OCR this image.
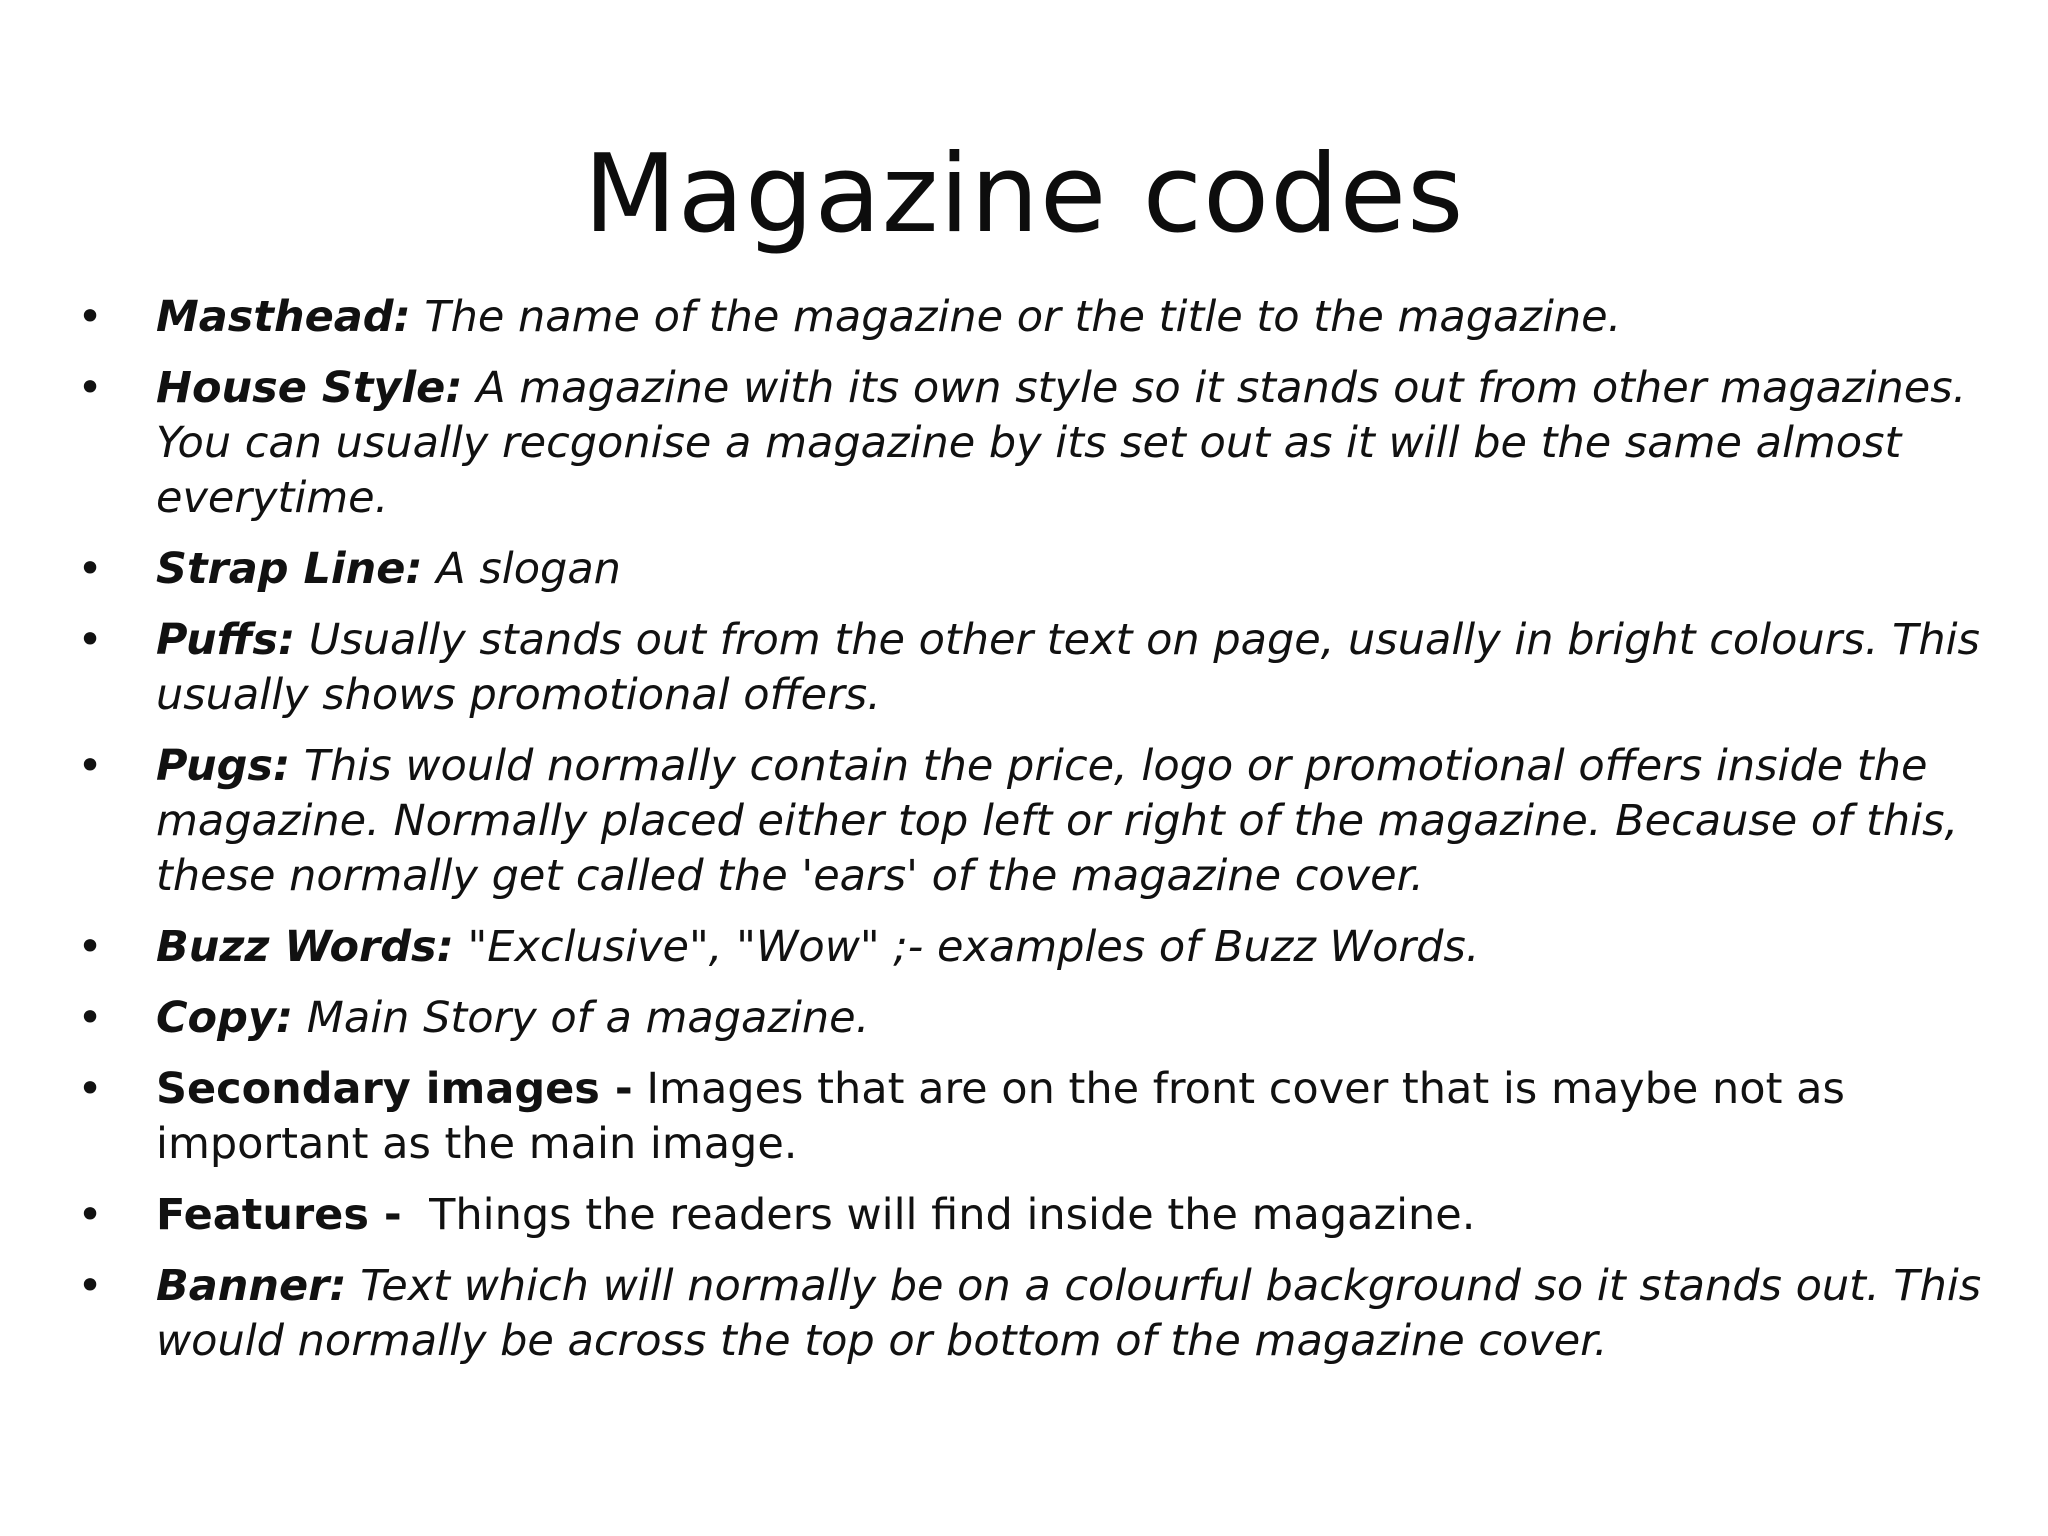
Magazine codes
• Masthead: The name of the magazine or the title to the magazine.
• House Style: A magazine with its own style so it stands out from other magazines. You can usually recgonise a magazine by its set out as it will be the same almost everytime.
• Strap Line: A slogan
• Puffs: Usually stands out from the other text on page, usually in bright colours. This usually shows promotional offers.
• Pugs: This would normally contain the price, logo or promotional offers inside the magazine. Normally placed either top left or right of the magazine. Because of this, these normally get called the 'ears' of the magazine cover.
• Buzz Words: "Exclusive", "Wow" ;- examples of Buzz Words.
• Copy: Main Story of a magazine.
• Secondary images - Images that are on the front cover that is maybe not as important as the main image.
• Features -  Things the readers will find inside the magazine.
• Banner: Text which will normally be on a colourful background so it stands out. This would normally be across the top or bottom of the magazine cover.
